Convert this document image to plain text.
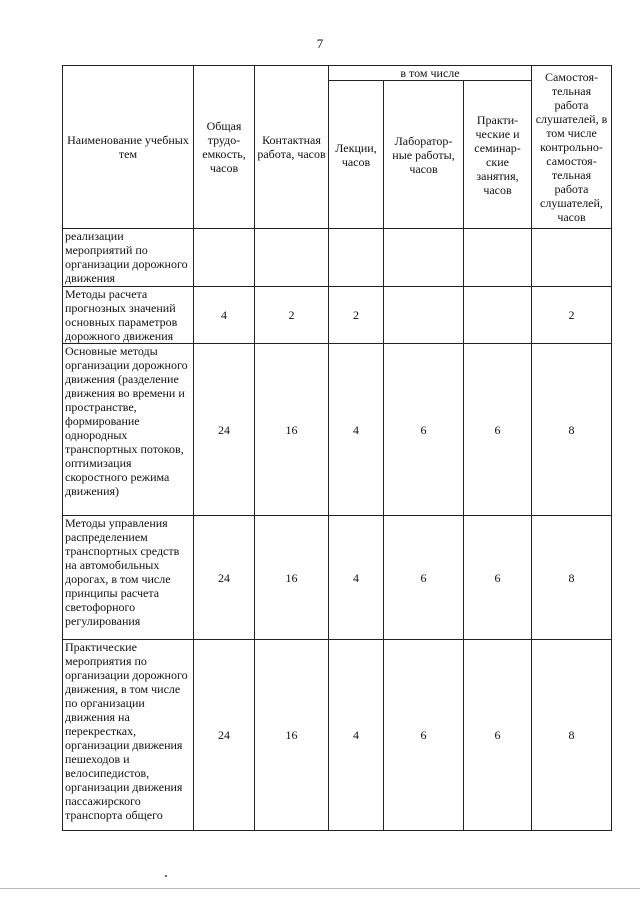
7
Наименование учебных тем	Общая трудо-емкость, часов	Контактная работа, часов	в том числе			Самостоя-тельная работа слушателей, в том числе контрольно-самостоя-тельная работа слушателей, часов
			Лекции, часов	Лаборатор-ные работы, часов	Практи-ческие и семинар-ские занятия, часов	
реализации мероприятий по организации дорожного движения						
Методы расчета прогнозных значений основных параметров дорожного движения	4	2	2			2
Основные методы организации дорожного движения (разделение движения во времени и пространстве, формирование однородных транспортных потоков, оптимизация скоростного режима движения)	24	16	4	6	6	8
Методы управления распределением транспортных средств на автомобильных дорогах, в том числе принципы расчета светофорного регулирования	24	16	4	6	6	8
Практические мероприятия по организации дорожного движения, в том числе по организации движения на перекрестках, организации движения пешеходов и велосипедистов, организации движения пассажирского транспорта общего	24	16	4	6	6	8
